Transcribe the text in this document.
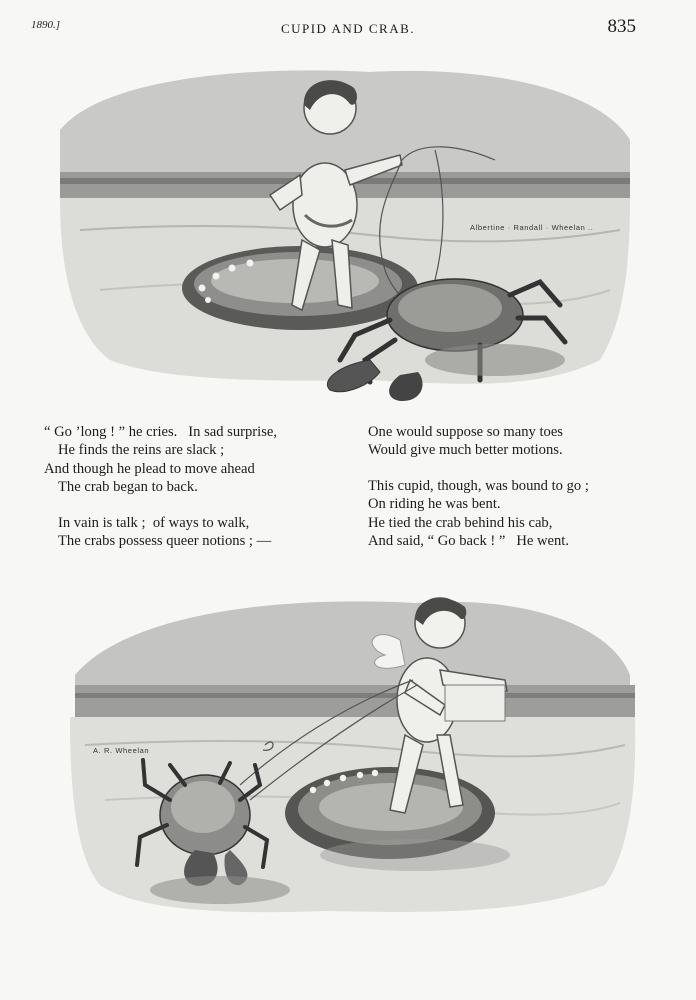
1890.]	CUPID AND CRAB.	835
Albertine · Randall · Wheelan ..
“ Go ’long ! ” he cries.   In sad surprise,
He finds the reins are slack ;
And though he plead to move ahead
The crab began to back.
In vain is talk ;  of ways to walk,
The crabs possess queer notions ; —
One would suppose so many toes
Would give much better motions.
This cupid, though, was bound to go ;
On riding he was bent.
He tied the crab behind his cab,
And said, “ Go back ! ”   He went.
A. R. Wheelan
